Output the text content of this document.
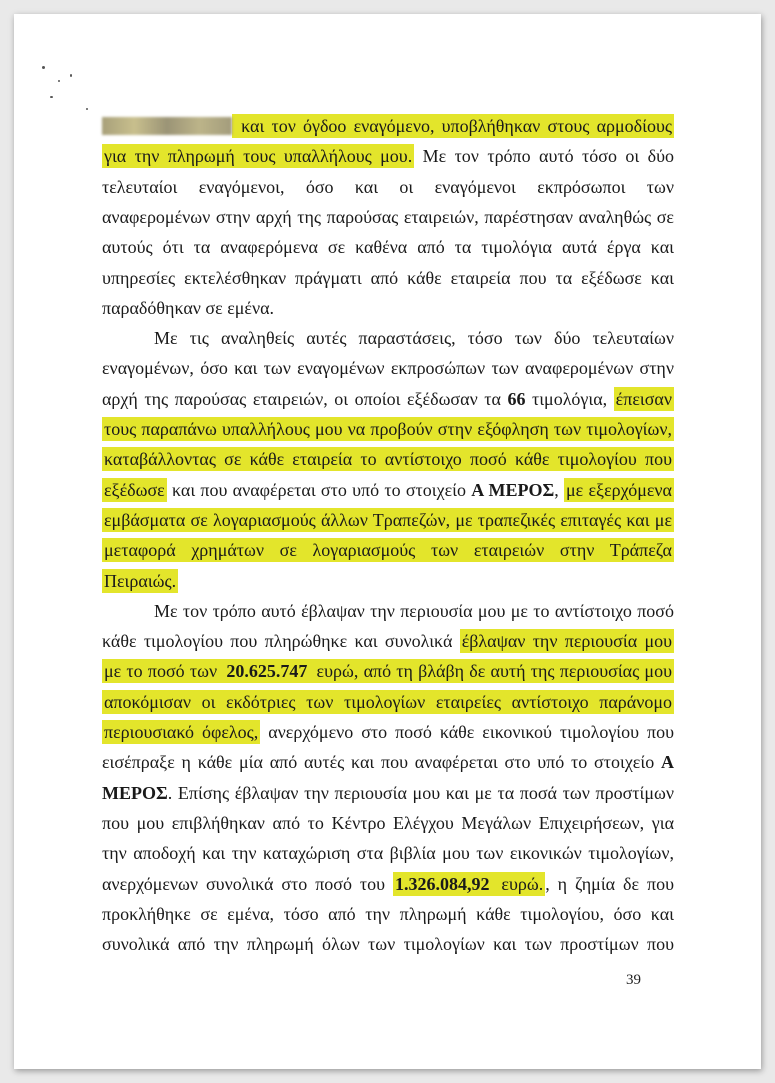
και τον όγδοο εναγόμενο, υποβλήθηκαν στους αρμοδίους
για την πληρωμή τους υπαλλήλους μου. Με τον τρόπο αυτό τόσο οι δύο
τελευταίοι εναγόμενοι, όσο και οι εναγόμενοι εκπρόσωποι των
αναφερομένων στην αρχή της παρούσας εταιρειών, παρέστησαν αναληθώς σε
αυτούς ότι τα αναφερόμενα σε καθένα από τα τιμολόγια αυτά έργα και
υπηρεσίες εκτελέσθηκαν πράγματι από κάθε εταιρεία που τα εξέδωσε και
παραδόθηκαν σε εμένα.
Με τις αναληθείς αυτές παραστάσεις, τόσο των δύο τελευταίων
εναγομένων, όσο και των εναγομένων εκπροσώπων των αναφερομένων στην
αρχή της παρούσας εταιρειών, οι οποίοι εξέδωσαν τα 66 τιμολόγια, έπεισαν
τους παραπάνω υπαλλήλους μου να προβούν στην εξόφληση των τιμολογίων,
καταβάλλοντας σε κάθε εταιρεία το αντίστοιχο ποσό κάθε τιμολογίου που
εξέδωσε και που αναφέρεται στο υπό το στοιχείο Α ΜΕΡΟΣ, με εξερχόμενα
εμβάσματα σε λογαριασμούς άλλων Τραπεζών, με τραπεζικές επιταγές και με
μεταφορά χρημάτων σε λογαριασμούς των εταιρειών στην Τράπεζα
Πειραιώς.
Με τον τρόπο αυτό έβλαψαν την περιουσία μου με το αντίστοιχο ποσό
κάθε τιμολογίου που πληρώθηκε και συνολικά έβλαψαν την περιουσία μου
με το ποσό των 20.625.747 ευρώ, από τη βλάβη δε αυτή της περιουσίας μου
αποκόμισαν οι εκδότριες των τιμολογίων εταιρείες αντίστοιχο παράνομο
περιουσιακό όφελος, ανερχόμενο στο ποσό κάθε εικονικού τιμολογίου που
εισέπραξε η κάθε μία από αυτές και που αναφέρεται στο υπό το στοιχείο Α
ΜΕΡΟΣ. Επίσης έβλαψαν την περιουσία μου και με τα ποσά των προστίμων
που μου επιβλήθηκαν από το Κέντρο Ελέγχου Μεγάλων Επιχειρήσεων, για
την αποδοχή και την καταχώριση στα βιβλία μου των εικονικών τιμολογίων,
ανερχόμενων συνολικά στο ποσό του 1.326.084,92 ευρώ. , η ζημία δε που
προκλήθηκε σε εμένα, τόσο από την πληρωμή κάθε τιμολογίου, όσο και
συνολικά από την πληρωμή όλων των τιμολογίων και των προστίμων που
39
